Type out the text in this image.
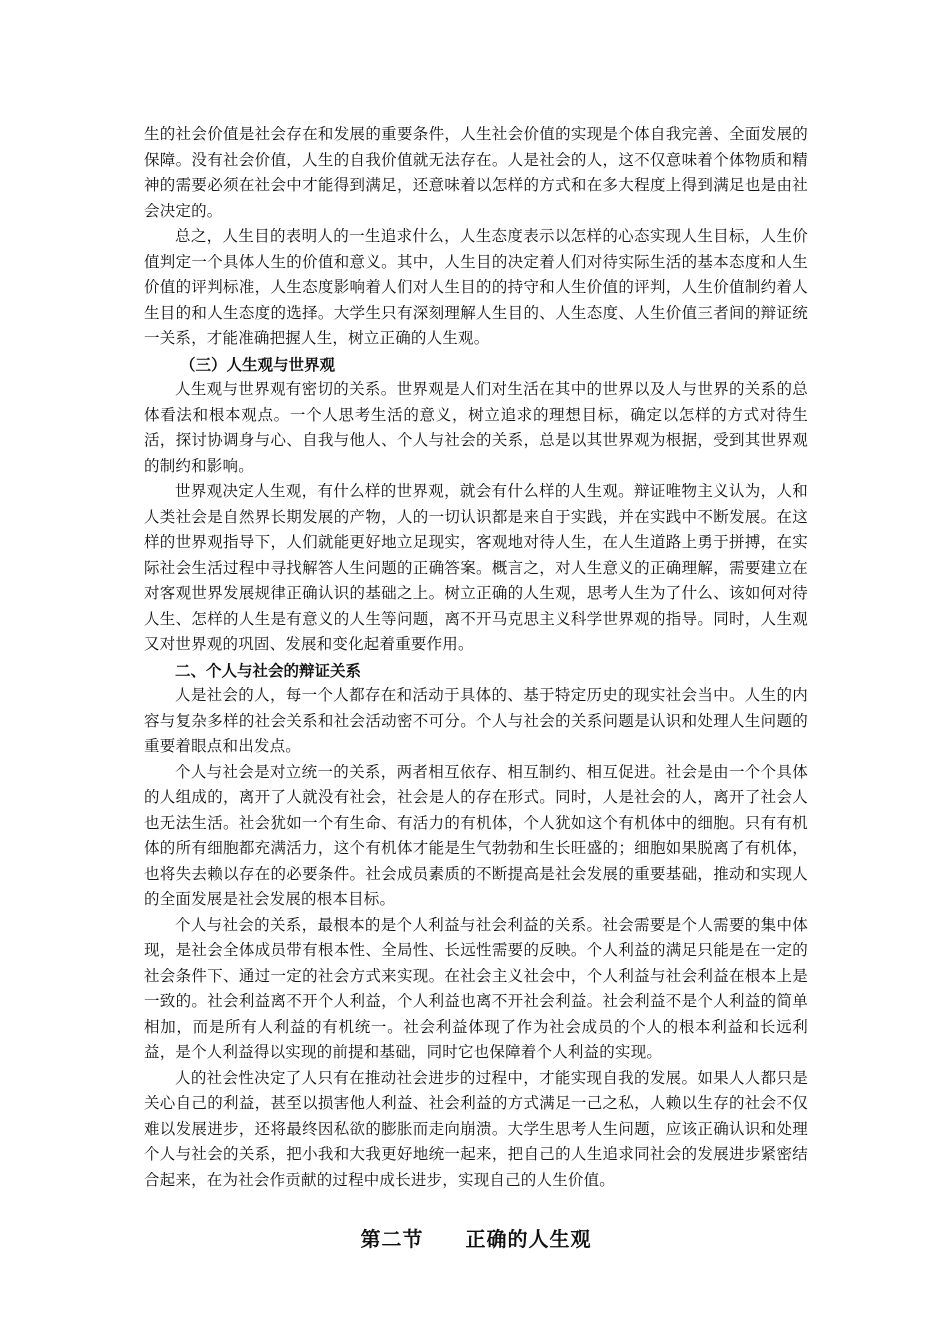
生的社会价值是社会存在和发展的重要条件，人生社会价值的实现是个体自我完善、全面发展的保障。没有社会价值，人生的自我价值就无法存在。人是社会的人，这不仅意味着个体物质和精神的需要必须在社会中才能得到满足，还意味着以怎样的方式和在多大程度上得到满足也是由社会决定的。

总之，人生目的表明人的一生追求什么，人生态度表示以怎样的心态实现人生目标，人生价值判定一个具体人生的价值和意义。其中，人生目的决定着人们对待实际生活的基本态度和人生价值的评判标准，人生态度影响着人们对人生目的的持守和人生价值的评判，人生价值制约着人生目的和人生态度的选择。大学生只有深刻理解人生目的、人生态度、人生价值三者间的辩证统一关系，才能准确把握人生，树立正确的人生观。

（三）人生观与世界观

人生观与世界观有密切的关系。世界观是人们对生活在其中的世界以及人与世界的关系的总体看法和根本观点。一个人思考生活的意义，树立追求的理想目标，确定以怎样的方式对待生活，探讨协调身与心、自我与他人、个人与社会的关系，总是以其世界观为根据，受到其世界观的制约和影响。

世界观决定人生观，有什么样的世界观，就会有什么样的人生观。辩证唯物主义认为，人和人类社会是自然界长期发展的产物，人的一切认识都是来自于实践，并在实践中不断发展。在这样的世界观指导下，人们就能更好地立足现实，客观地对待人生，在人生道路上勇于拼搏，在实际社会生活过程中寻找解答人生问题的正确答案。概言之，对人生意义的正确理解，需要建立在对客观世界发展规律正确认识的基础之上。树立正确的人生观，思考人生为了什么、该如何对待人生、怎样的人生是有意义的人生等问题，离不开马克思主义科学世界观的指导。同时，人生观又对世界观的巩固、发展和变化起着重要作用。

二、个人与社会的辩证关系

人是社会的人，每一个人都存在和活动于具体的、基于特定历史的现实社会当中。人生的内容与复杂多样的社会关系和社会活动密不可分。个人与社会的关系问题是认识和处理人生问题的重要着眼点和出发点。

个人与社会是对立统一的关系，两者相互依存、相互制约、相互促进。社会是由一个个具体的人组成的，离开了人就没有社会，社会是人的存在形式。同时，人是社会的人，离开了社会人也无法生活。社会犹如一个有生命、有活力的有机体，个人犹如这个有机体中的细胞。只有有机体的所有细胞都充满活力，这个有机体才能是生气勃勃和生长旺盛的；细胞如果脱离了有机体，也将失去赖以存在的必要条件。社会成员素质的不断提高是社会发展的重要基础，推动和实现人的全面发展是社会发展的根本目标。

个人与社会的关系，最根本的是个人利益与社会利益的关系。社会需要是个人需要的集中体现，是社会全体成员带有根本性、全局性、长远性需要的反映。个人利益的满足只能是在一定的社会条件下、通过一定的社会方式来实现。在社会主义社会中，个人利益与社会利益在根本上是一致的。社会利益离不开个人利益，个人利益也离不开社会利益。社会利益不是个人利益的简单相加，而是所有人利益的有机统一。社会利益体现了作为社会成员的个人的根本利益和长远利益，是个人利益得以实现的前提和基础，同时它也保障着个人利益的实现。

人的社会性决定了人只有在推动社会进步的过程中，才能实现自我的发展。如果人人都只是关心自己的利益，甚至以损害他人利益、社会利益的方式满足一己之私，人赖以生存的社会不仅难以发展进步，还将最终因私欲的膨胀而走向崩溃。大学生思考人生问题，应该正确认识和处理个人与社会的关系，把小我和大我更好地统一起来，把自己的人生追求同社会的发展进步紧密结合起来，在为社会作贡献的过程中成长进步，实现自己的人生价值。

第二节　　正确的人生观
